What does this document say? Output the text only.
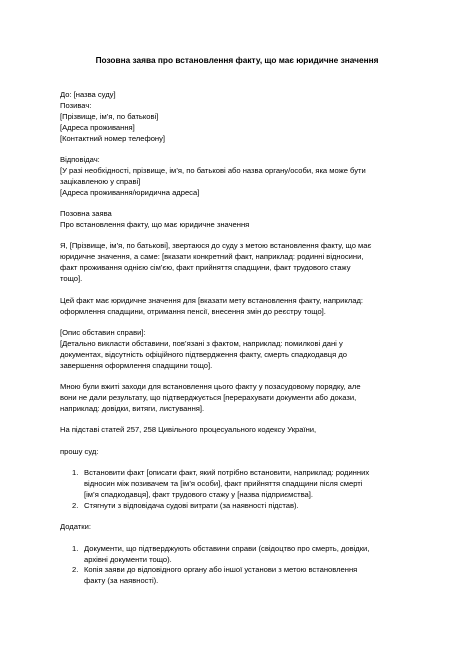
Позовна заява про встановлення факту, що має юридичне значення
До: [назва суду]
Позивач:
[Прізвище, ім’я, по батькові]
[Адреса проживання]
[Контактний номер телефону]
Відповідач:
[У разі необхідності, прізвище, ім’я, по батькові або назва органу/особи, яка може бути
зацікавленою у справі]
[Адреса проживання/юридична адреса]
Позовна заява
Про встановлення факту, що має юридичне значення
Я, [Прізвище, ім’я, по батькові], звертаюся до суду з метою встановлення факту, що має
юридичне значення, а саме: [вказати конкретний факт, наприклад: родинні відносини,
факт проживання однією сім’єю, факт прийняття спадщини, факт трудового стажу
тощо].
Цей факт має юридичне значення для [вказати мету встановлення факту, наприклад:
оформлення спадщини, отримання пенсії, внесення змін до реєстру тощо].
[Опис обставин справи]:
[Детально викласти обставини, пов’язані з фактом, наприклад: помилкові дані у
документах, відсутність офіційного підтвердження факту, смерть спадкодавця до
завершення оформлення спадщини тощо].
Мною були вжиті заходи для встановлення цього факту у позасудовому порядку, але
вони не дали результату, що підтверджується [перерахувати документи або докази,
наприклад: довідки, витяги, листування].
На підставі статей 257, 258 Цивільного процесуального кодексу України,
прошу суд:
1. Встановити факт [описати факт, який потрібно встановити, наприклад: родинних
відносин між позивачем та [ім’я особи], факт прийняття спадщини після смерті
[ім’я спадкодавця], факт трудового стажу у [назва підприємства].
2. Стягнути з відповідача судові витрати (за наявності підстав).
Додатки:
1. Документи, що підтверджують обставини справи (свідоцтво про смерть, довідки,
архівні документи тощо).
2. Копія заяви до відповідного органу або іншої установи з метою встановлення
факту (за наявності).
